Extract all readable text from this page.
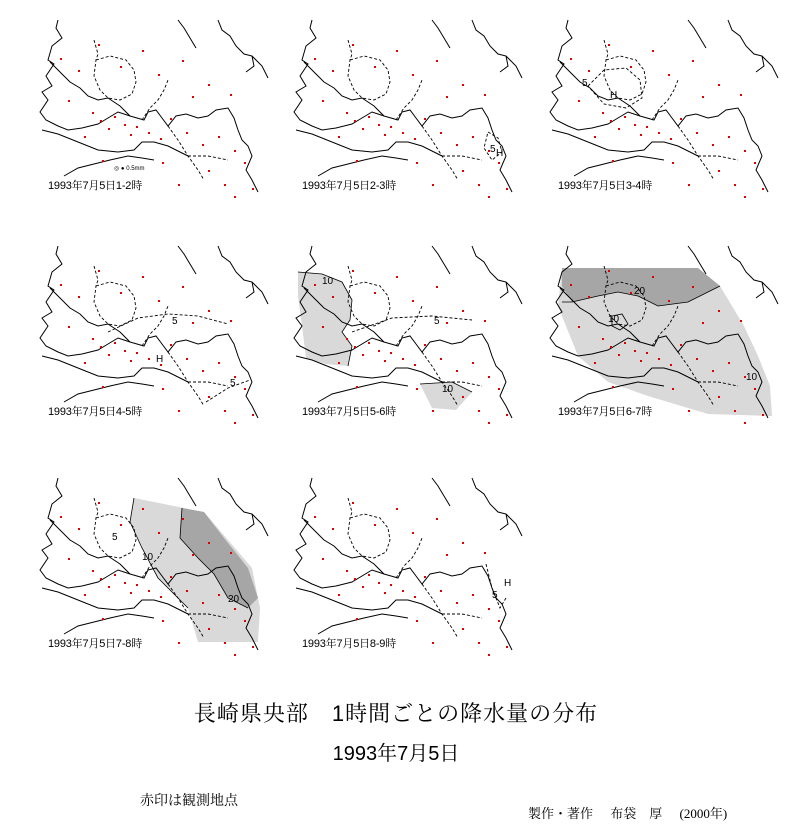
◎ ● 0.5mm
1993年7月5日1-2時
5 H
1993年7月5日2-3時
5
H
1993年7月5日3-4時
5
H
5
1993年7月5日4-5時
10
5
10
1993年7月5日5-6時
20
10
10
1993年7月5日6-7時
5
10
20
1993年7月5日7-8時
H
5
1993年7月5日8-9時
長崎県央部　1時間ごとの降水量の分布
1993年7月5日
赤印は観測地点
製作・著作 布袋　厚 (2000年)
